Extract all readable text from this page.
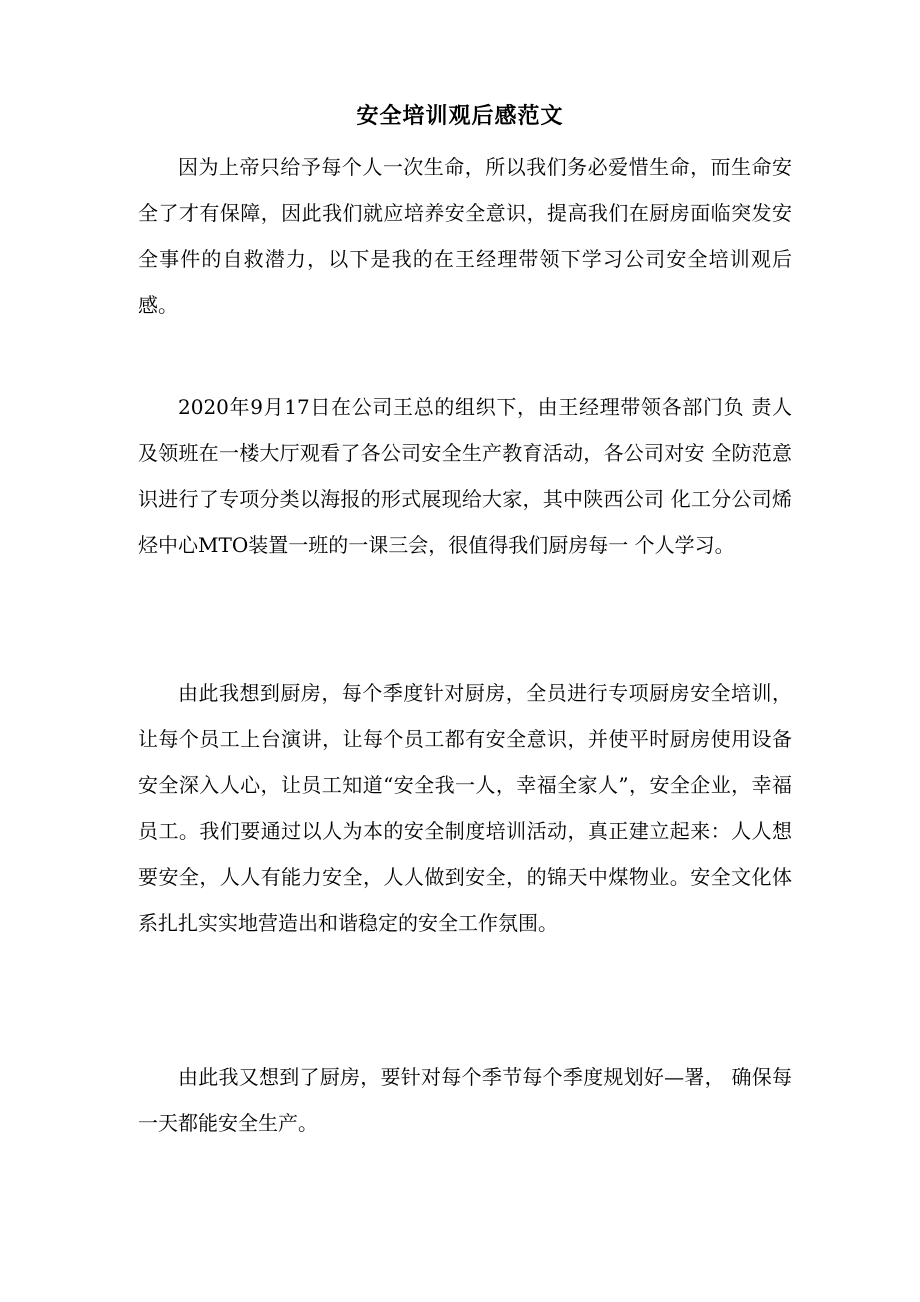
安全培训观后感范文

因为上帝只给予每个人一次生命，所以我们务必爱惜生命，而生命安全了才有保障，因此我们就应培养安全意识，提高我们在厨房面临突发安全事件的自救潜力，以下是我的在王经理带领下学习公司安全培训观后感。

2020年9月17日在公司王总的组织下，由王经理带领各部门负 责人及领班在一楼大厅观看了各公司安全生产教育活动，各公司对安 全防范意识进行了专项分类以海报的形式展现给大家，其中陕西公司 化工分公司烯烃中心MTO装置一班的一课三会，很值得我们厨房每一 个人学习。

由此我想到厨房，每个季度针对厨房，全员进行专项厨房安全培训，让每个员工上台演讲，让每个员工都有安全意识，并使平时厨房使用设备安全深入人心，让员工知道“安全我一人，幸福全家人”，安全企业，幸福员工。我们要通过以人为本的安全制度培训活动，真正建立起来：人人想要安全，人人有能力安全，人人做到安全，的锦天中煤物业。安全文化体系扎扎实实地营造出和谐稳定的安全工作氛围。

由此我又想到了厨房，要针对每个季节每个季度规划好—署， 确保每一天都能安全生产。
